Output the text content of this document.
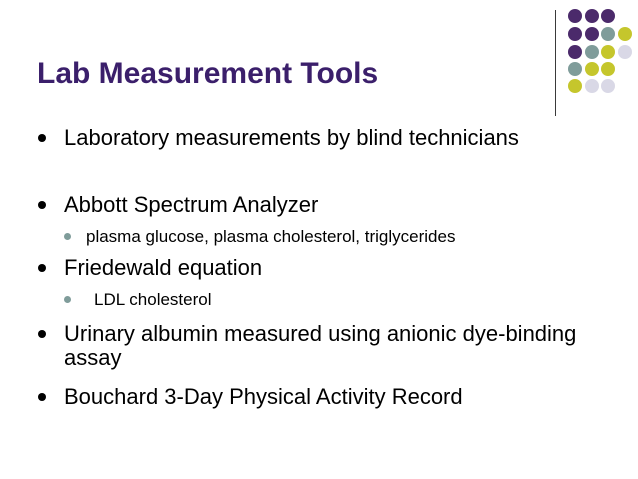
Lab Measurement Tools
Laboratory measurements by blind technicians
Abbott Spectrum Analyzer
plasma glucose, plasma cholesterol, triglycerides
Friedewald equation
LDL cholesterol
Urinary albumin measured using anionic dye-binding assay
Bouchard 3-Day Physical Activity Record
